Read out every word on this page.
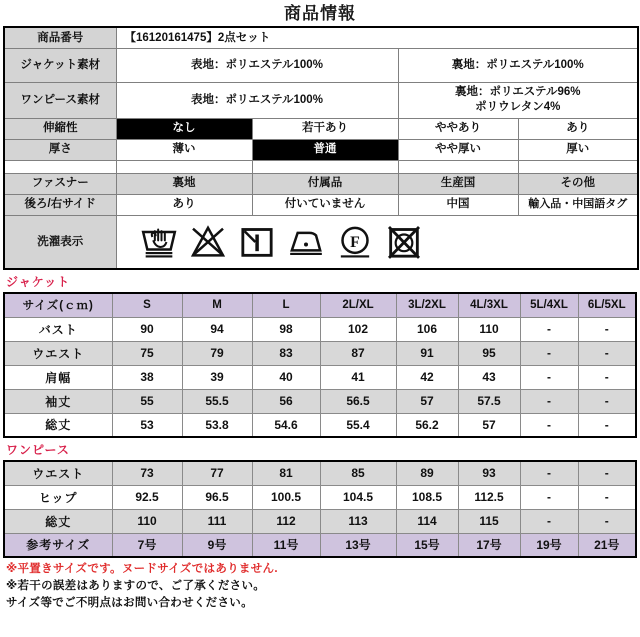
商品情報
商品番号	【16120161475】2点セット			
ジャケット素材	表地：ポリエステル100%		裏地：ポリエステル100%	
ワンピース素材	表地：ポリエステル100%		裏地：ポリエステル96%
ポリウレタン4%	

伸縮性	なし	若干あり	ややあり	あり
厚さ	薄い	普通	やや厚い	厚い

ファスナー	裏地	付属品	生産国	その他
後ろ/右サイド	あり	付いていません	中国	輸入品・中国語タグ
洗濯表示	F			
ジャケット
サイズ(ｃｍ)	S	M	L	2L/XL	3L/2XL	4L/3XL	5L/4XL	6L/5XL
バスト	90	94	98	102	106	110	-	-
ウエスト	75	79	83	87	91	95	-	-
肩幅	38	39	40	41	42	43	-	-
袖丈	55	55.5	56	56.5	57	57.5	-	-
総丈	53	53.8	54.6	55.4	56.2	57	-	-
ワンピース
ウエスト	73	77	81	85	89	93	-	-
ヒップ	92.5	96.5	100.5	104.5	108.5	112.5	-	-
総丈	110	111	112	113	114	115	-	-
参考サイズ	7号	9号	11号	13号	15号	17号	19号	21号
※平置きサイズです。ヌードサイズではありません.
※若干の誤差はありますので、ご了承ください。
サイズ等でご不明点はお問い合わせください。
